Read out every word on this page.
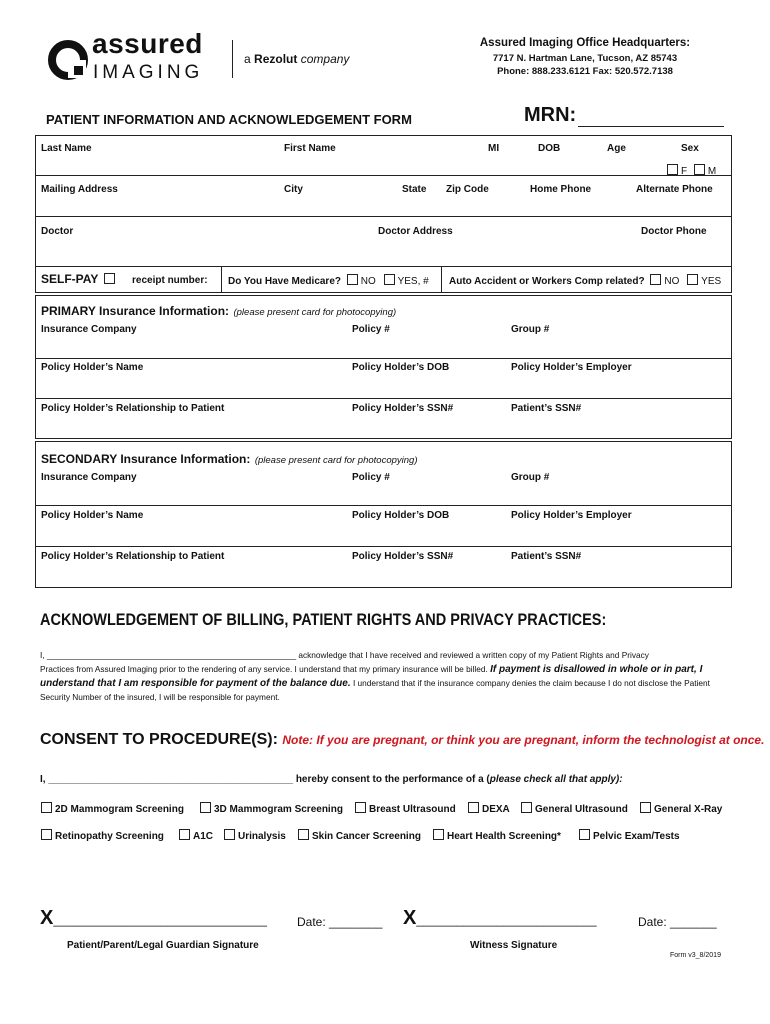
assured
IMAGING
a Rezolut company
Assured Imaging Office Headquarters:
7717 N. Hartman Lane, Tucson, AZ 85743
Phone: 888.233.6121 Fax: 520.572.7138
PATIENT INFORMATION AND ACKNOWLEDGEMENT FORM	MRN:
Last Name	First Name	MI	DOB	Age	Sex
F M
Mailing Address	City	State Zip Code	Home Phone	Alternate Phone
Doctor	Doctor Address	Doctor Phone
SELF-PAY	receipt number: Do You Have Medicare? NO YES, # Auto Accident or Workers Comp related? NO YES
PRIMARY Insurance Information: (please present card for photocopying)
Insurance Company	Policy #	Group #
Policy Holder’s Name	Policy Holder’s DOB	Policy Holder’s Employer
Policy Holder’s Relationship to Patient	Policy Holder’s SSN#	Patient’s SSN#
SECONDARY Insurance Information: (please present card for photocopying)
Insurance Company	Policy #	Group #
Policy Holder’s Name	Policy Holder’s DOB	Policy Holder’s Employer
Policy Holder’s Relationship to Patient	Policy Holder’s SSN#	Patient’s SSN#
ACKNOWLEDGEMENT OF BILLING, PATIENT RIGHTS AND PRIVACY PRACTICES:
I, ______________________________________________________ acknowledge that I have received and reviewed a written copy of my Patient Rights and Privacy
Practices from Assured Imaging prior to the rendering of any service. I understand that my primary insurance will be billed. If payment is disallowed in whole or in part, I
understand that I am responsible for payment of the balance due. I understand that if the insurance company denies the claim because I do not disclose the Patient
Security Number of the insured, I will be responsible for payment.
CONSENT TO PROCEDURE(S): Note: If you are pregnant, or think you are pregnant, inform the technologist at once.
I, ____________________________________________ hereby consent to the performance of a (please check all that apply):
2D Mammogram Screening	3D Mammogram Screening	Breast Ultrasound	DEXA	General Ultrasound	General X-Ray
Retinopathy Screening	A1C	Urinalysis	Skin Cancer Screening	Heart Health Screening*	Pelvic Exam/Tests
X________________________________	Date: ________ X___________________________	Date: _______
Patient/Parent/Legal Guardian Signature	Witness Signature
Form v3_8/2019
